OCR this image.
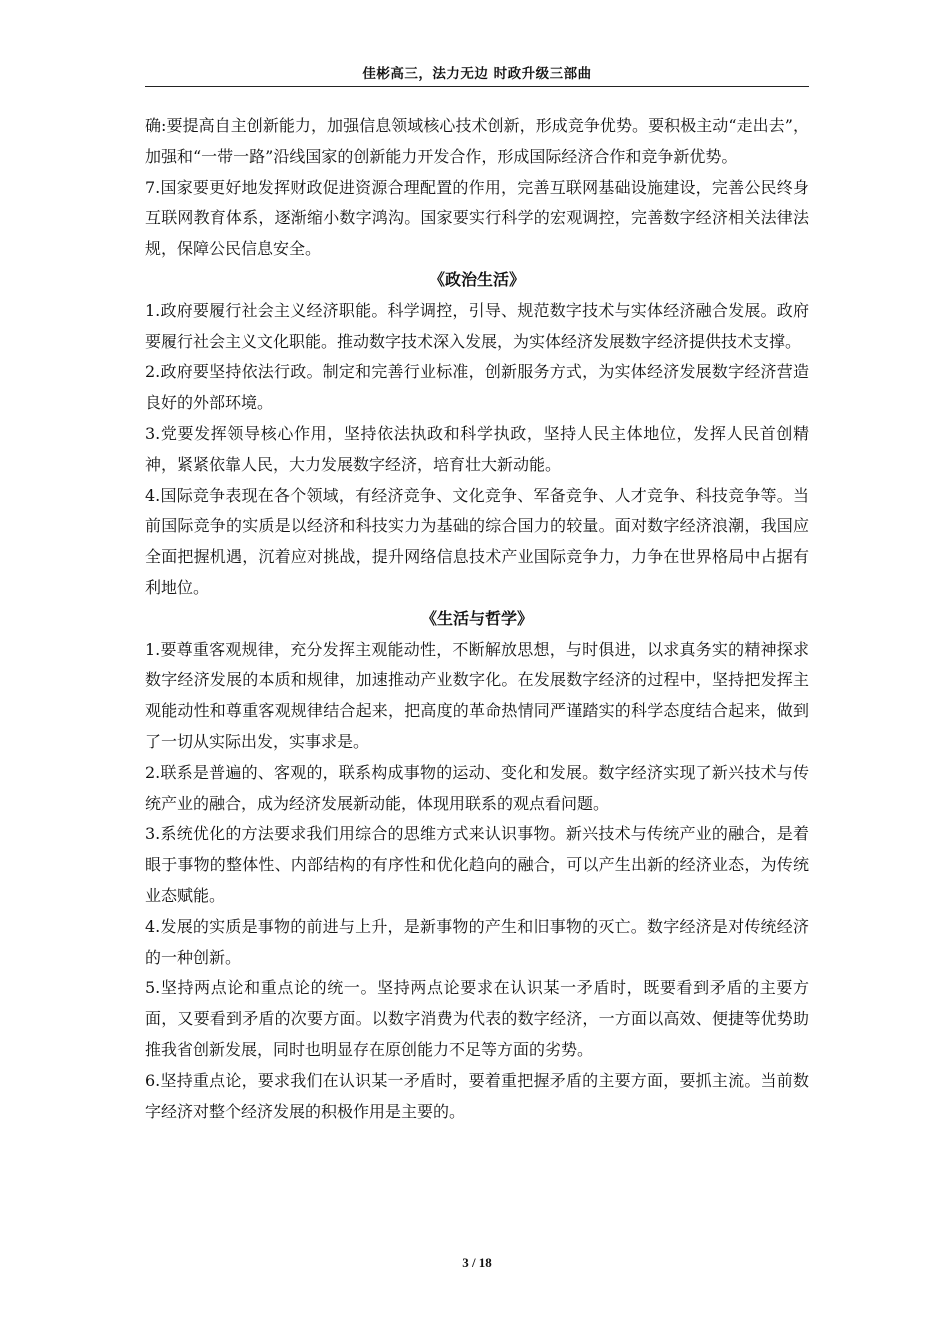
佳彬高三，法力无边 时政升级三部曲

确:要提高自主创新能力，加强信息领域核心技术创新，形成竞争优势。要积极主动“走出去”，加强和“一带一路”沿线国家的创新能力开发合作，形成国际经济合作和竞争新优势。

7.国家要更好地发挥财政促进资源合理配置的作用，完善互联网基础设施建设，完善公民终身互联网教育体系，逐渐缩小数字鸿沟。国家要实行科学的宏观调控，完善数字经济相关法律法规，保障公民信息安全。

《政治生活》

1.政府要履行社会主义经济职能。科学调控，引导、规范数字技术与实体经济融合发展。政府要履行社会主义文化职能。推动数字技术深入发展，为实体经济发展数字经济提供技术支撑。

2.政府要坚持依法行政。制定和完善行业标准，创新服务方式，为实体经济发展数字经济营造良好的外部环境。

3.党要发挥领导核心作用，坚持依法执政和科学执政，坚持人民主体地位，发挥人民首创精神，紧紧依靠人民，大力发展数字经济，培育壮大新动能。

4.国际竞争表现在各个领域，有经济竞争、文化竞争、军备竞争、人才竞争、科技竞争等。当前国际竞争的实质是以经济和科技实力为基础的综合国力的较量。面对数字经济浪潮，我国应全面把握机遇，沉着应对挑战，提升网络信息技术产业国际竞争力，力争在世界格局中占据有利地位。

《生活与哲学》

1.要尊重客观规律，充分发挥主观能动性，不断解放思想，与时俱进，以求真务实的精神探求数字经济发展的本质和规律，加速推动产业数字化。在发展数字经济的过程中，坚持把发挥主观能动性和尊重客观规律结合起来，把高度的革命热情同严谨踏实的科学态度结合起来，做到了一切从实际出发，实事求是。

2.联系是普遍的、客观的，联系构成事物的运动、变化和发展。数字经济实现了新兴技术与传统产业的融合，成为经济发展新动能，体现用联系的观点看问题。

3.系统优化的方法要求我们用综合的思维方式来认识事物。新兴技术与传统产业的融合，是着眼于事物的整体性、内部结构的有序性和优化趋向的融合，可以产生出新的经济业态，为传统业态赋能。

4.发展的实质是事物的前进与上升，是新事物的产生和旧事物的灭亡。数字经济是对传统经济的一种创新。

5.坚持两点论和重点论的统一。坚持两点论要求在认识某一矛盾时，既要看到矛盾的主要方面，又要看到矛盾的次要方面。以数字消费为代表的数字经济，一方面以高效、便捷等优势助推我省创新发展，同时也明显存在原创能力不足等方面的劣势。

6.坚持重点论，要求我们在认识某一矛盾时，要着重把握矛盾的主要方面，要抓主流。当前数字经济对整个经济发展的积极作用是主要的。

3 / 18
